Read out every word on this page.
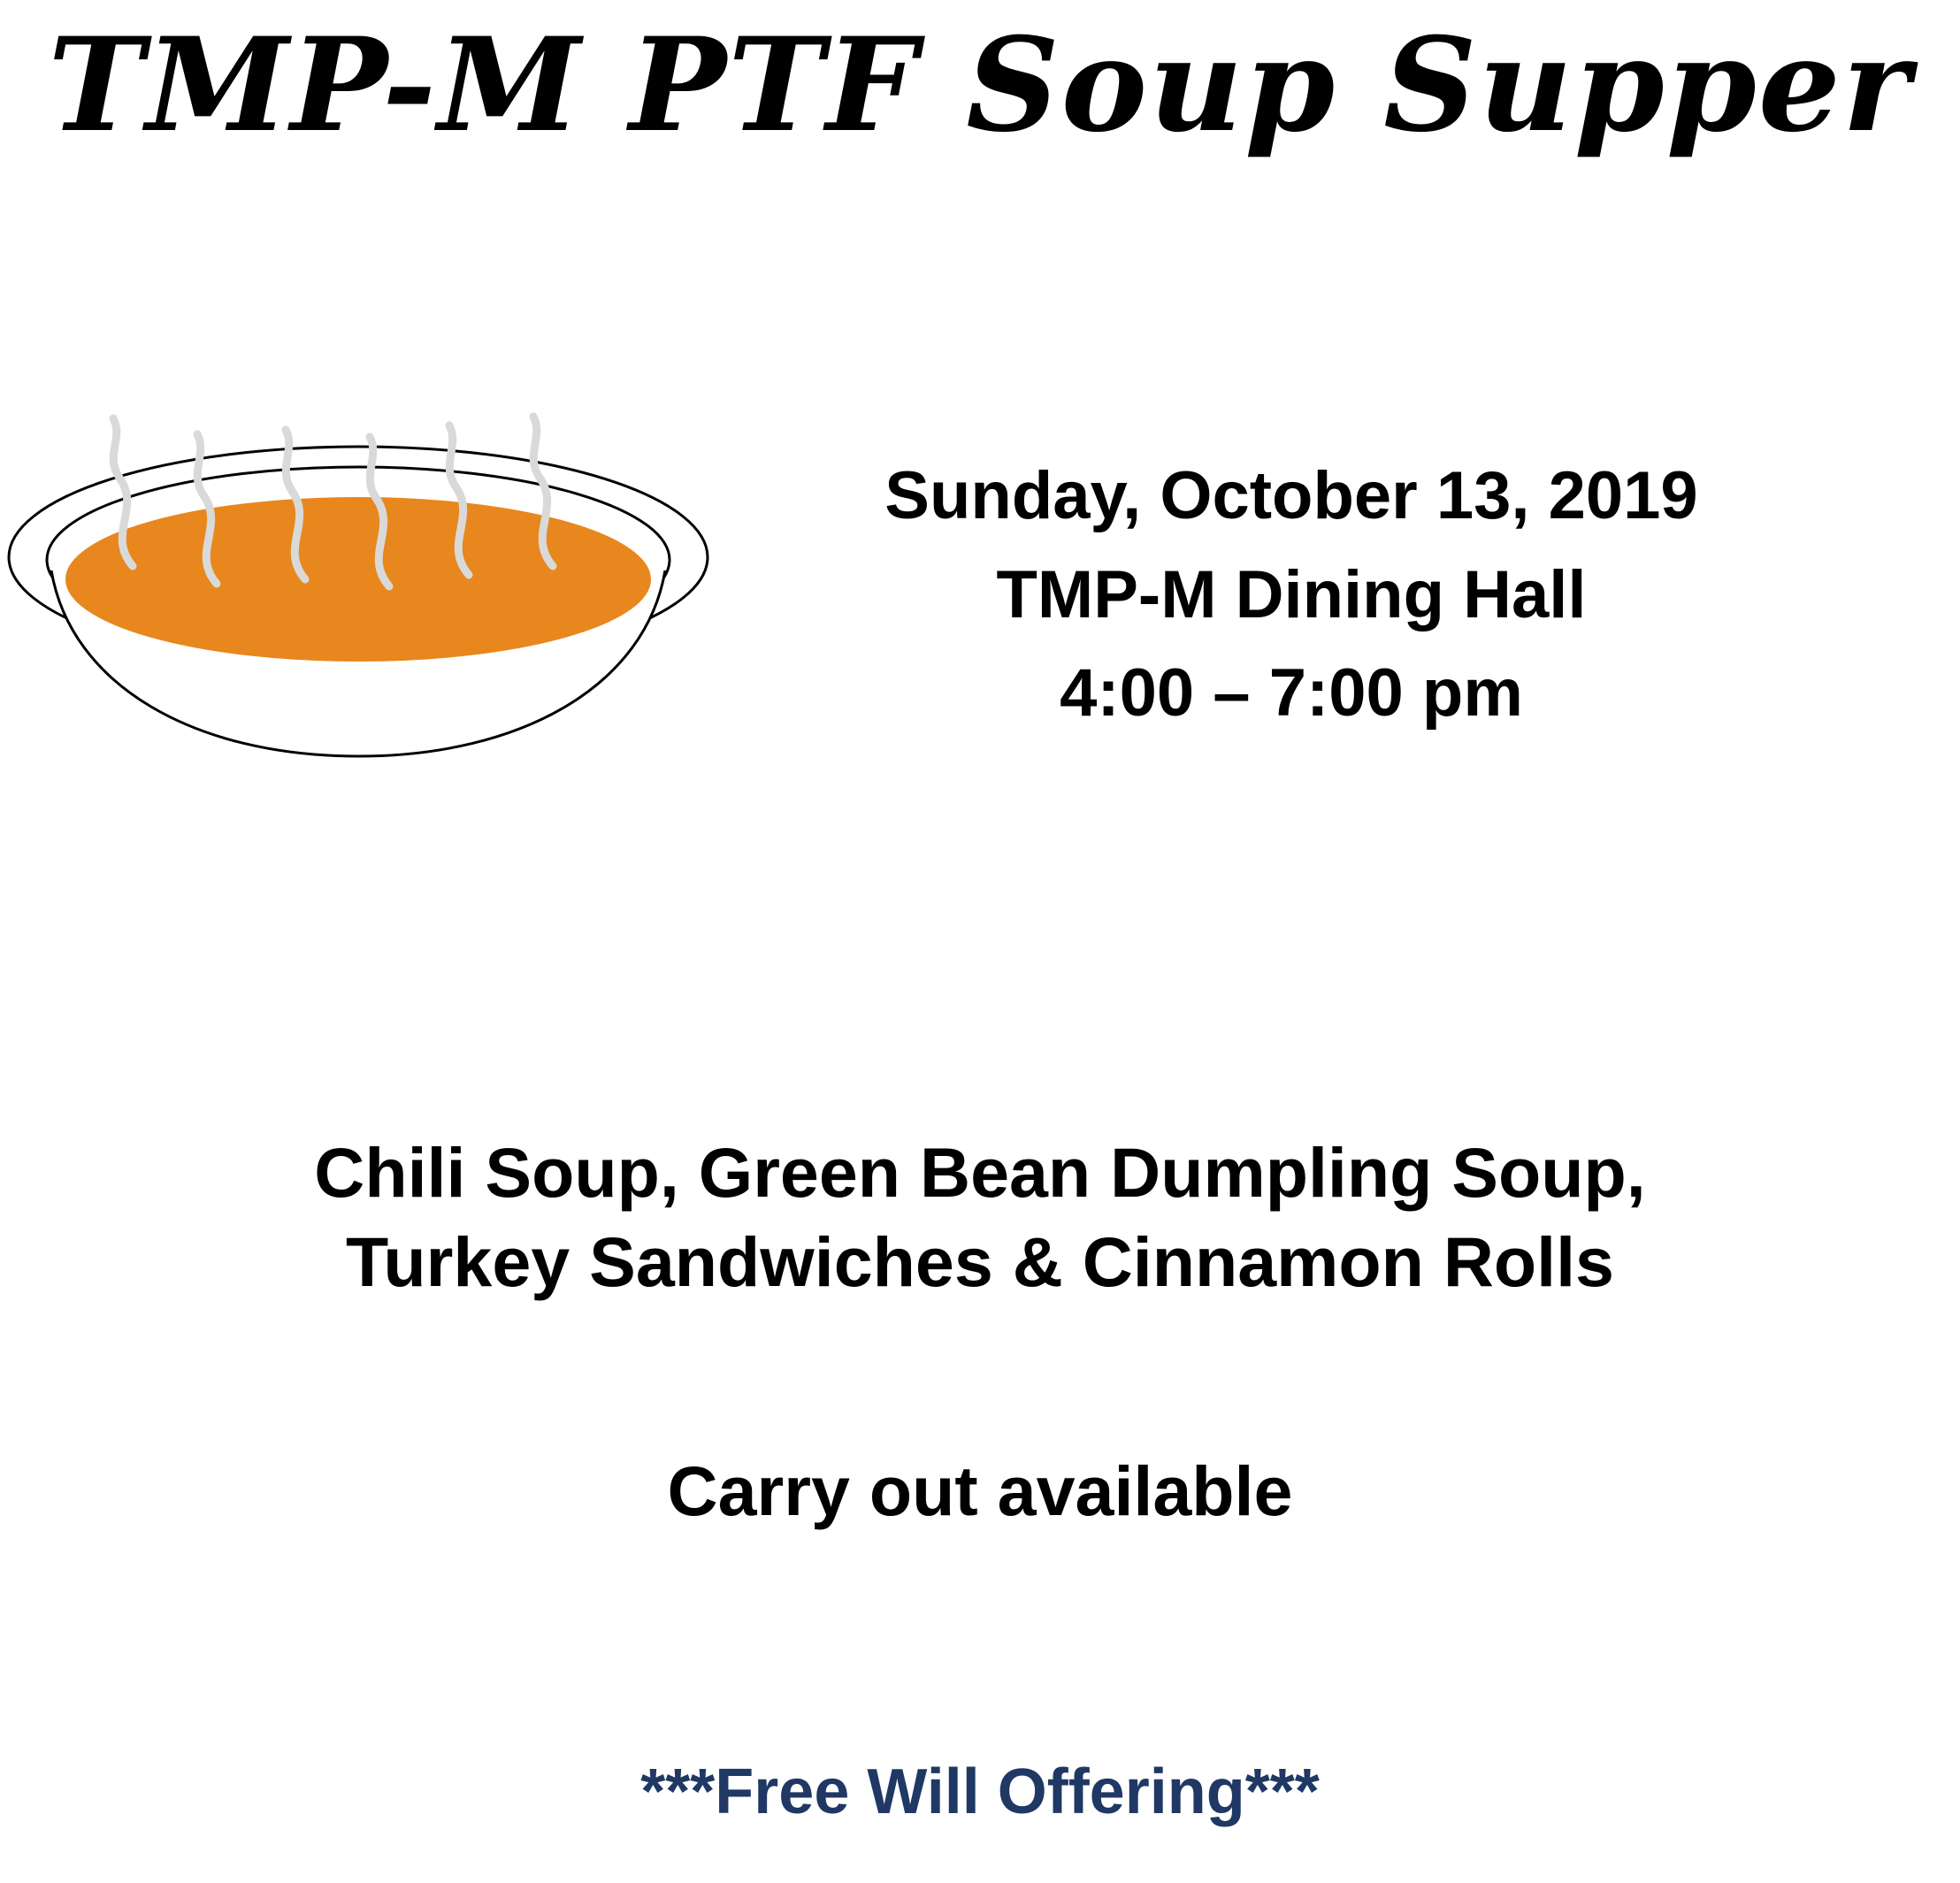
TMP-M PTF Soup Supper
Sunday, October 13, 2019
TMP-M Dining Hall
4:00 – 7:00 pm
Chili Soup, Green Bean Dumpling Soup,
Turkey Sandwiches & Cinnamon Rolls
Carry out available
***Free Will Offering***
